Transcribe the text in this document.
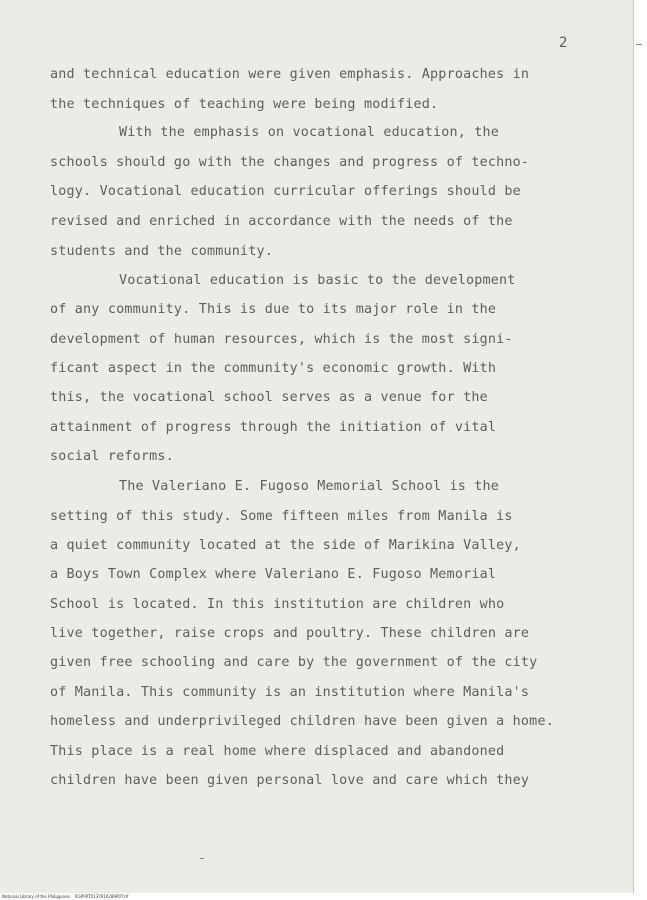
2
and technical education were given emphasis. Approaches in
the techniques of teaching were being modified.
With the emphasis on vocational education, the
schools should go with the changes and progress of techno-
logy. Vocational education curricular offerings should be
revised and enriched in accordance with the needs of the
students and the community.
Vocational education is basic to the development
of any community. This is due to its major role in the
development of human resources, which is the most signi-
ficant aspect in the community's economic growth. With
this, the vocational school serves as a venue for the
attainment of progress through the initiation of vital
social reforms.
The Valeriano E. Fugoso Memorial School is the
setting of this study. Some fifteen miles from Manila is
a quiet community located at the side of Marikina Valley,
a Boys Town Complex where Valeriano E. Fugoso Memorial
School is located. In this institution are children who
live together, raise crops and poultry. These children are
given free schooling and care by the government of the city
of Manila. This community is an institution where Manila's
homeless and underprivileged children have been given a home.
This place is a real home where displaced and abandoned
children have been given personal love and care which they
National Library of the Philippines RGP0PT0137910289P0T.tif
